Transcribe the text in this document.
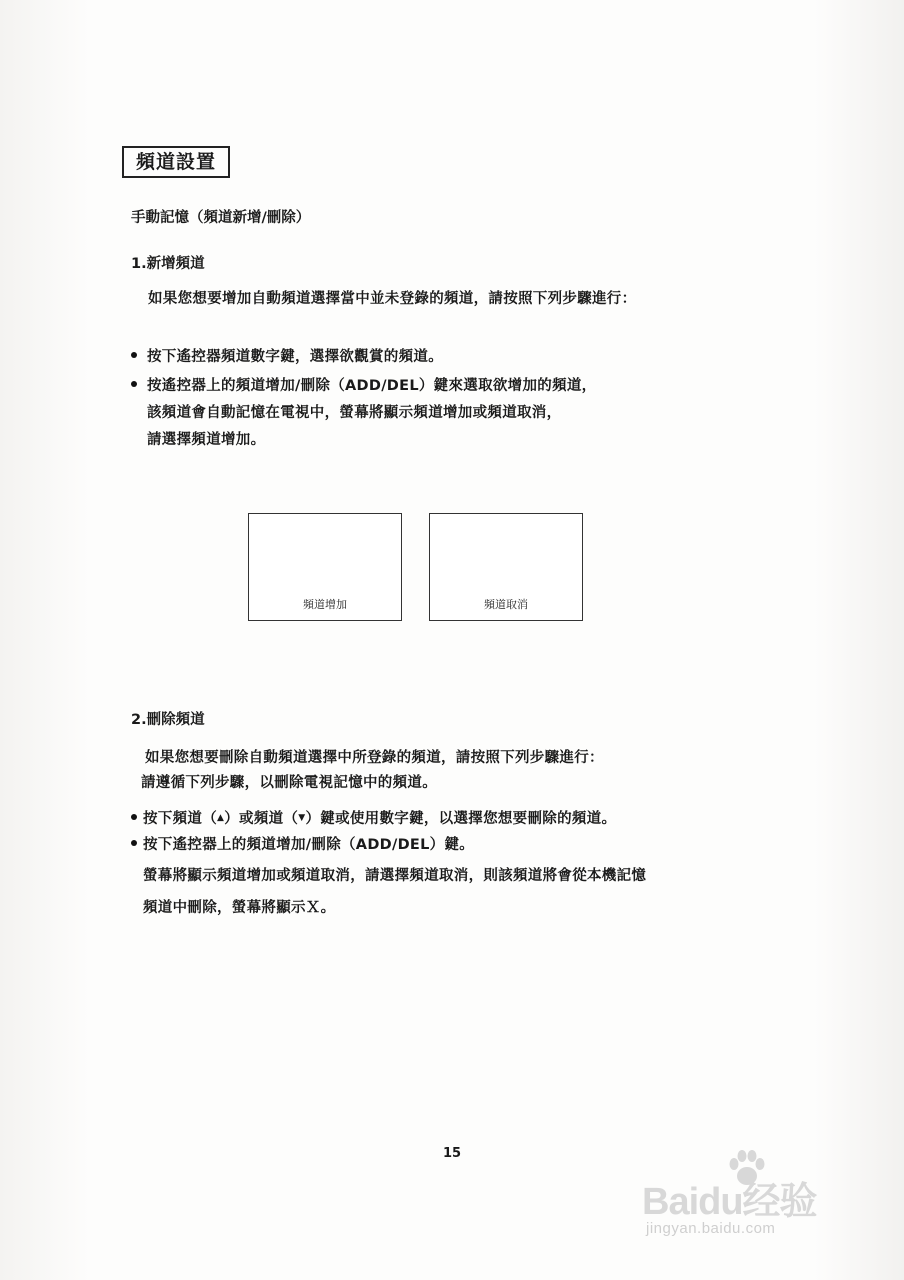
頻道設置
手動記憶（頻道新增/刪除）
1.新增頻道
如果您想要增加自動頻道選擇當中並未登錄的頻道，請按照下列步驟進行：
按下遙控器頻道數字鍵，選擇欲觀賞的頻道。
按遙控器上的頻道增加/刪除（ADD/DEL）鍵來選取欲增加的頻道，
該頻道會自動記憶在電視中，螢幕將顯示頻道增加或頻道取消，
請選擇頻道增加。
頻道增加	頻道取消
2.刪除頻道
如果您想要刪除自動頻道選擇中所登錄的頻道，請按照下列步驟進行：
請遵循下列步驟，以刪除電視記憶中的頻道。
按下頻道（▲）或頻道（▼）鍵或使用數字鍵，以選擇您想要刪除的頻道。
按下遙控器上的頻道增加/刪除（ADD/DEL）鍵。
螢幕將顯示頻道增加或頻道取消，請選擇頻道取消，則該頻道將會從本機記憶
頻道中刪除，螢幕將顯示Ｘ。
15
Baidu经验
jingyan.baidu.com
